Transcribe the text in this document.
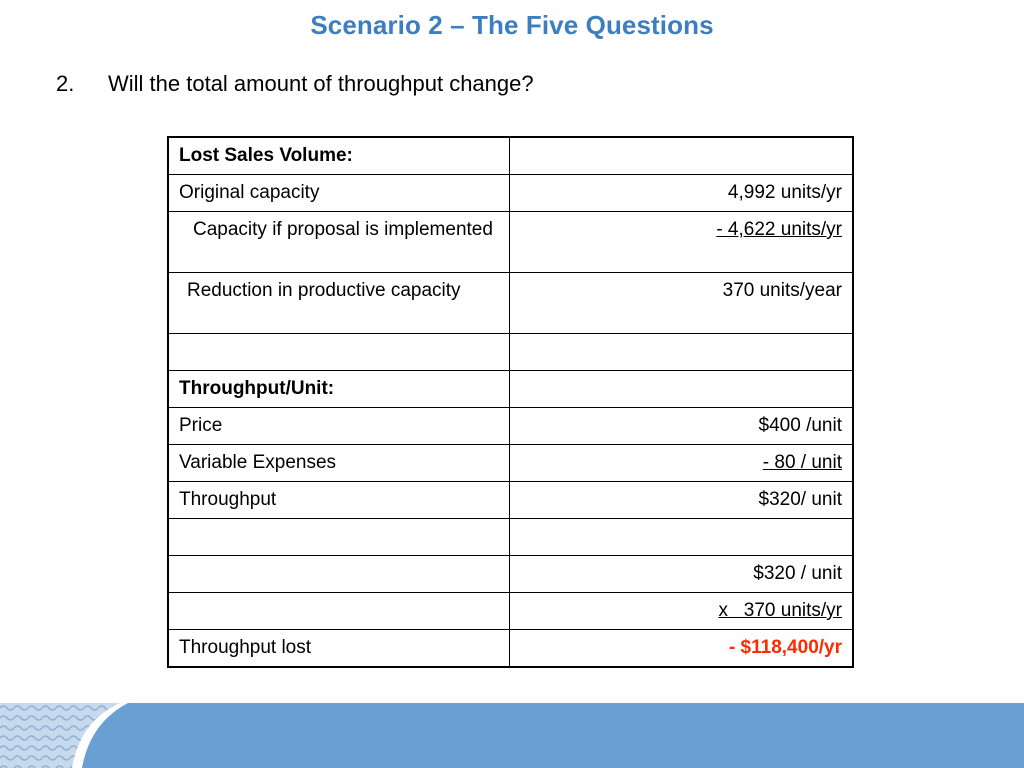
Scenario 2 – The Five Questions
2. Will the total amount of throughput change?
Lost Sales Volume:	
Original capacity	4,992 units/yr
Capacity if proposal is implemented	- 4,622 units/yr
Reduction in productive capacity	370 units/year

Throughput/Unit:	
Price	$400 /unit
Variable Expenses	- 80 / unit
Throughput	$320/ unit

	$320 / unit
	x   370 units/yr
Throughput lost	- $118,400/yr
